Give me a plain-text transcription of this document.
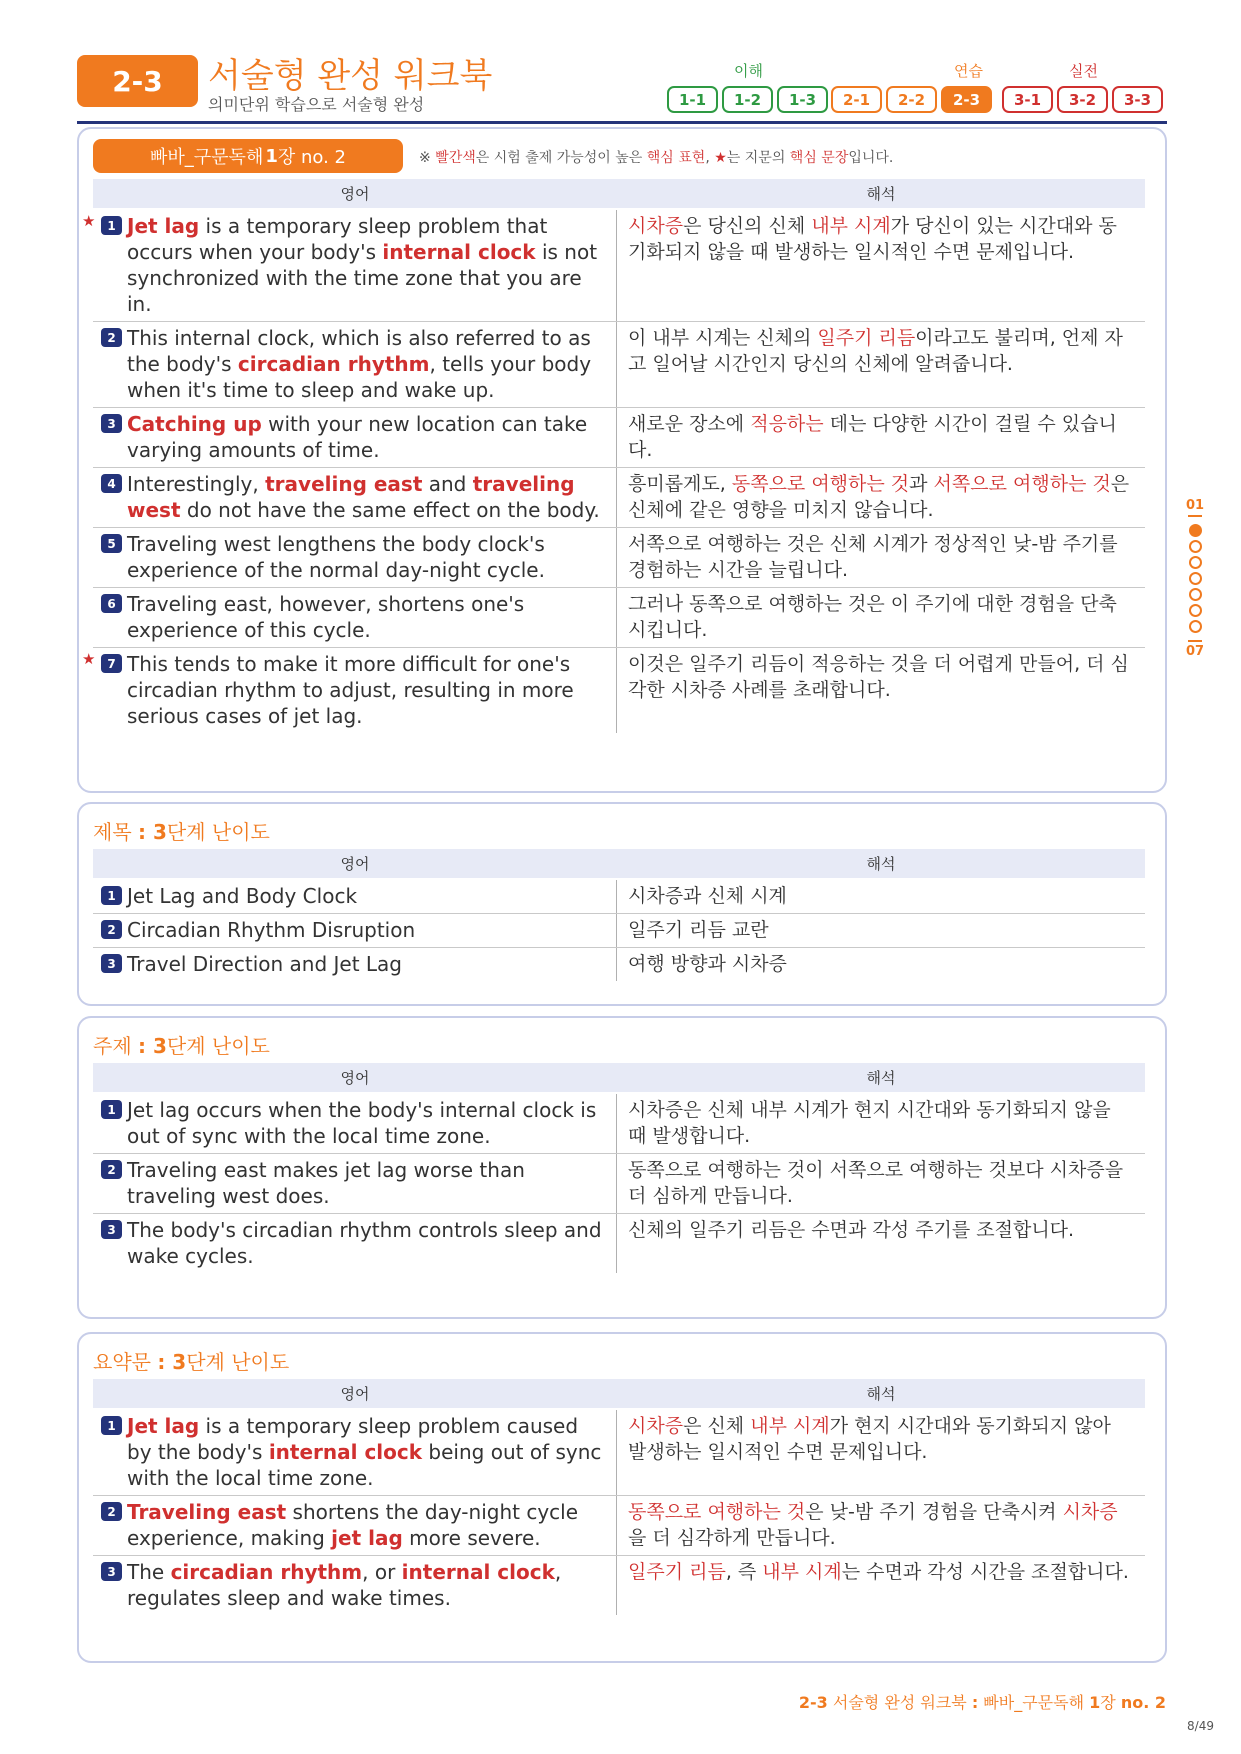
2-3	서술형 완성 워크북
의미단위 학습으로 서술형 완성
이해	연습	실전
1-1	1-2	1-3	2-1	2-2	2-3	3-1	3-2	3-3
01
07
빠바_구문독해 1 장 no. 2	※ 빨간색은 시험 출제 가능성이 높은 핵심 표현, ★는 지문의 핵심 문장입니다.
영어	해석
★ 1 Jet lag is a temporary sleep problem that occurs when your body's internal clock is not synchronized with the time zone that you are in.
시차증은 당신의 신체 내부 시계가 당신이 있는 시간대와 동기화되지 않을 때 발생하는 일시적인 수면 문제입니다.
2 This internal clock, which is also referred to as the body's circadian rhythm, tells your body when it's time to sleep and wake up.
이 내부 시계는 신체의 일주기 리듬이라고도 불리며, 언제 자고 일어날 시간인지 당신의 신체에 알려줍니다.
3 Catching up with your new location can take varying amounts of time.
새로운 장소에 적응하는 데는 다양한 시간이 걸릴 수 있습니다.
4 Interestingly, traveling east and traveling west do not have the same effect on the body.
흥미롭게도, 동쪽으로 여행하는 것과 서쪽으로 여행하는 것은 신체에 같은 영향을 미치지 않습니다.
5 Traveling west lengthens the body clock's experience of the normal day-night cycle.
서쪽으로 여행하는 것은 신체 시계가 정상적인 낮-밤 주기를 경험하는 시간을 늘립니다.
6 Traveling east, however, shortens one's experience of this cycle.
그러나 동쪽으로 여행하는 것은 이 주기에 대한 경험을 단축시킵니다.
★ 7 This tends to make it more difficult for one's circadian rhythm to adjust, resulting in more serious cases of jet lag.
이것은 일주기 리듬이 적응하는 것을 더 어렵게 만들어, 더 심각한 시차증 사례를 초래합니다.
제목 : 3단계 난이도
영어	해석
1 Jet Lag and Body Clock	시차증과 신체 시계
2 Circadian Rhythm Disruption	일주기 리듬 교란
3 Travel Direction and Jet Lag	여행 방향과 시차증
주제 : 3단계 난이도
영어	해석
1 Jet lag occurs when the body's internal clock is out of sync with the local time zone.
시차증은 신체 내부 시계가 현지 시간대와 동기화되지 않을 때 발생합니다.
2 Traveling east makes jet lag worse than traveling west does.
동쪽으로 여행하는 것이 서쪽으로 여행하는 것보다 시차증을 더 심하게 만듭니다.
3 The body's circadian rhythm controls sleep and wake cycles.
신체의 일주기 리듬은 수면과 각성 주기를 조절합니다.
요약문 : 3단계 난이도
영어	해석
1 Jet lag is a temporary sleep problem caused by the body's internal clock being out of sync with the local time zone.
시차증은 신체 내부 시계가 현지 시간대와 동기화되지 않아 발생하는 일시적인 수면 문제입니다.
2 Traveling east shortens the day-night cycle experience, making jet lag more severe.
동쪽으로 여행하는 것은 낮-밤 주기 경험을 단축시켜 시차증을 더 심각하게 만듭니다.
3 The circadian rhythm, or internal clock, regulates sleep and wake times.
일주기 리듬, 즉 내부 시계는 수면과 각성 시간을 조절합니다.
2-3 서술형 완성 워크북 : 빠바_구문독해 1장 no. 2
8/49
